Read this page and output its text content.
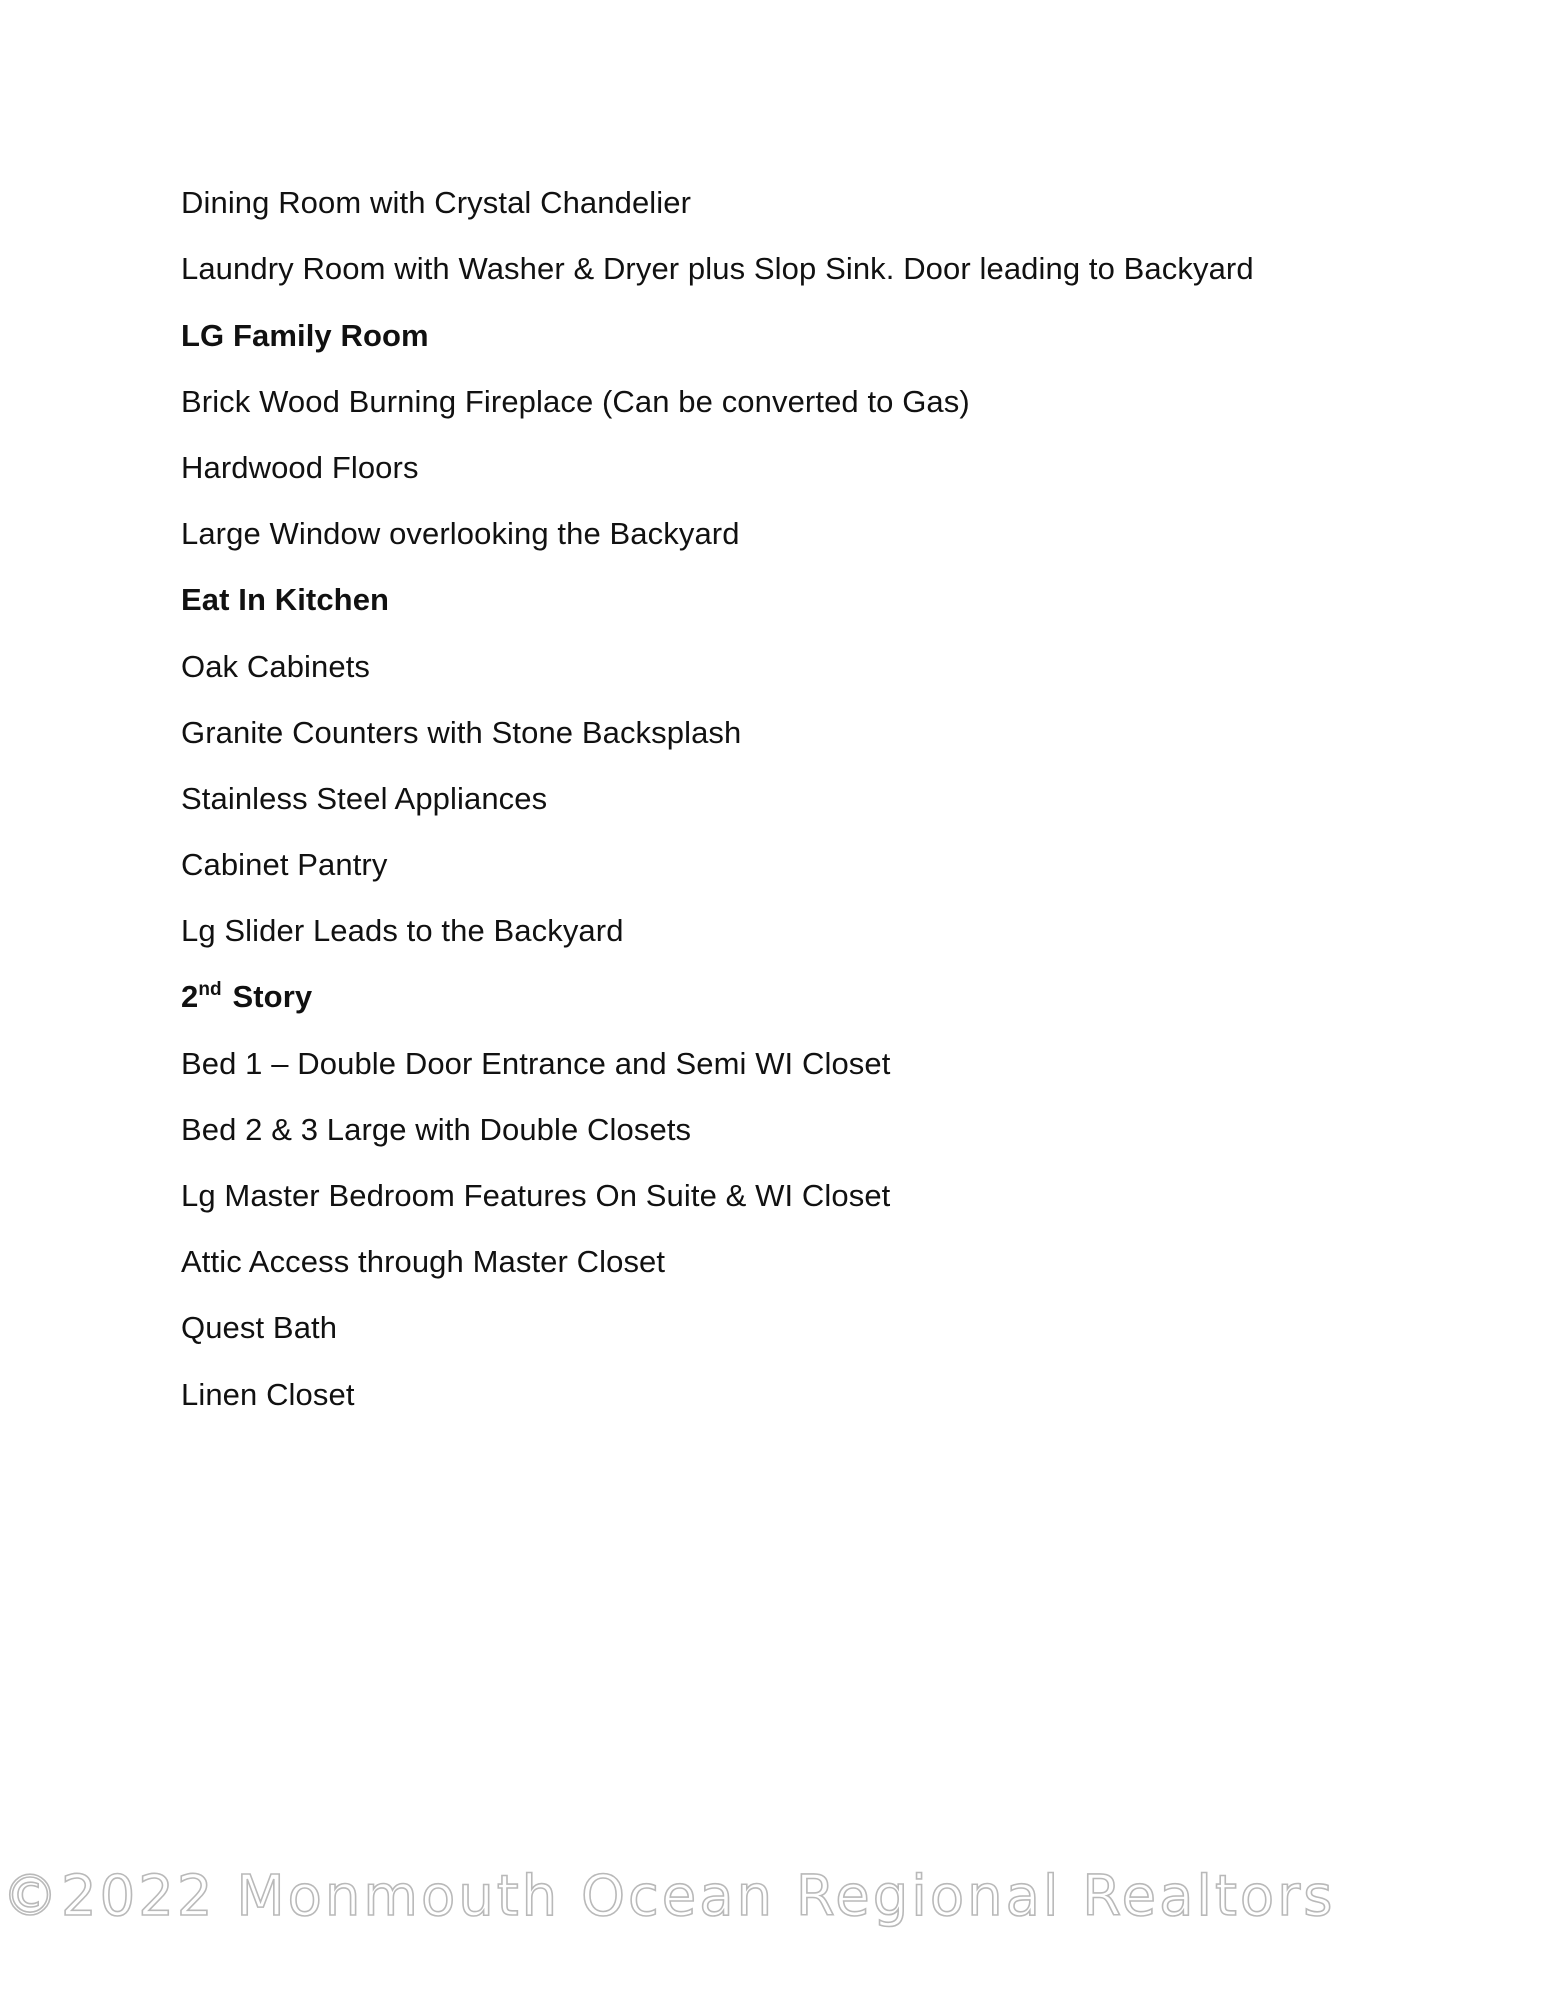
Dining Room with Crystal Chandelier
Laundry Room with Washer & Dryer plus Slop Sink. Door leading to Backyard
LG Family Room
Brick Wood Burning Fireplace (Can be converted to Gas)
Hardwood Floors
Large Window overlooking the Backyard
Eat In Kitchen
Oak Cabinets
Granite Counters with Stone Backsplash
Stainless Steel Appliances
Cabinet Pantry
Lg Slider Leads to the Backyard
2nd Story
Bed 1 – Double Door Entrance and Semi WI Closet
Bed 2 & 3 Large with Double Closets
Lg Master Bedroom Features On Suite & WI Closet
Attic Access through Master Closet
Quest Bath
Linen Closet
©2022 Monmouth Ocean Regional Realtors
